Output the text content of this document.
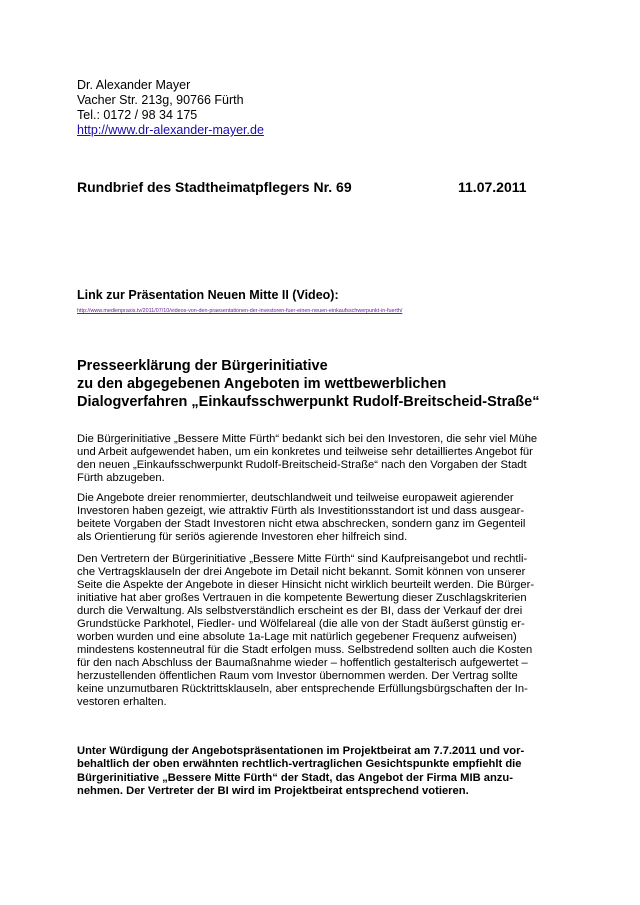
Dr. Alexander Mayer
Vacher Str. 213g, 90766 Fürth
Tel.: 0172 / 98 34 175
http://www.dr-alexander-mayer.de
Rundbrief des Stadtheimatpflegers Nr. 69	11.07.2011
Link zur Präsentation Neuen Mitte II (Video):
http://www.medienpraxis.tv/2011/07/10/videos-von-den-praesentationen-der-investoren-fuer-einen-neuen-einkaufsschwerpunkt-in-fuerth/
Presseerklärung der Bürgerinitiative
zu den abgegebenen Angeboten im wettbewerblichen
Dialogverfahren „Einkaufsschwerpunkt Rudolf-Breitscheid-Straße“
Die Bürgerinitiative „Bessere Mitte Fürth“ bedankt sich bei den Investoren, die sehr viel Mühe
und Arbeit aufgewendet haben, um ein konkretes und teilweise sehr detailliertes Angebot für
den neuen „Einkaufsschwerpunkt Rudolf-Breitscheid-Straße“ nach den Vorgaben der Stadt
Fürth abzugeben.
Die Angebote dreier renommierter, deutschlandweit und teilweise europaweit agierender
Investoren haben gezeigt, wie attraktiv Fürth als Investitionsstandort ist und dass ausgear-
beitete Vorgaben der Stadt Investoren nicht etwa abschrecken, sondern ganz im Gegenteil
als Orientierung für seriös agierende Investoren eher hilfreich sind.
Den Vertretern der Bürgerinitiative „Bessere Mitte Fürth“ sind Kaufpreisangebot und rechtli-
che Vertragsklauseln der drei Angebote im Detail nicht bekannt. Somit können von unserer
Seite die Aspekte der Angebote in dieser Hinsicht nicht wirklich beurteilt werden. Die Bürger-
initiative hat aber großes Vertrauen in die kompetente Bewertung dieser Zuschlagskriterien
durch die Verwaltung. Als selbstverständlich erscheint es der BI, dass der Verkauf der drei
Grundstücke Parkhotel, Fiedler- und Wölfelareal (die alle von der Stadt äußerst günstig er-
worben wurden und eine absolute 1a-Lage mit natürlich gegebener Frequenz aufweisen)
mindestens kostenneutral für die Stadt erfolgen muss. Selbstredend sollten auch die Kosten
für den nach Abschluss der Baumaßnahme wieder – hoffentlich gestalterisch aufgewertet –
herzustellenden öffentlichen Raum vom Investor übernommen werden. Der Vertrag sollte
keine unzumutbaren Rücktrittsklauseln, aber entsprechende Erfüllungsbürgschaften der In-
vestoren erhalten.
Unter Würdigung der Angebotspräsentationen im Projektbeirat am 7.7.2011 und vor-
behaltlich der oben erwähnten rechtlich-vertraglichen Gesichtspunkte empfiehlt die
Bürgerinitiative „Bessere Mitte Fürth“ der Stadt, das Angebot der Firma MIB anzu-
nehmen. Der Vertreter der BI wird im Projektbeirat entsprechend votieren.
